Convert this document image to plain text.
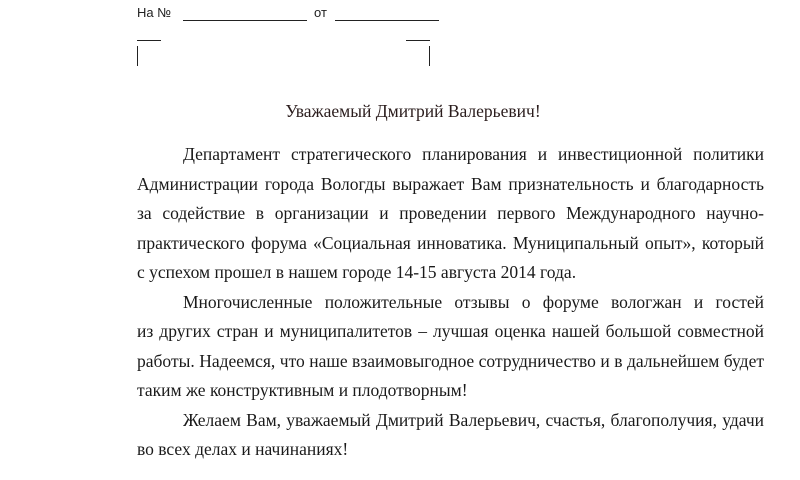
На №	от
Уважаемый Дмитрий Валерьевич!

Департамент стратегического планирования и инвестиционной политики

Администрации города Вологды выражает Вам признательность и благодарность

за содействие в организации и проведении первого Международного научно-

практического форума «Социальная инноватика. Муниципальный опыт», который

с успехом прошел в нашем городе 14-15 августа 2014 года.

Многочисленные положительные отзывы о форуме вологжан и гостей

из других стран и муниципалитетов – лучшая оценка нашей большой совместной

работы. Надеемся, что наше взаимовыгодное сотрудничество и в дальнейшем будет

таким же конструктивным и плодотворным!

Желаем Вам, уважаемый Дмитрий Валерьевич, счастья, благополучия, удачи

во всех делах и начинаниях!
